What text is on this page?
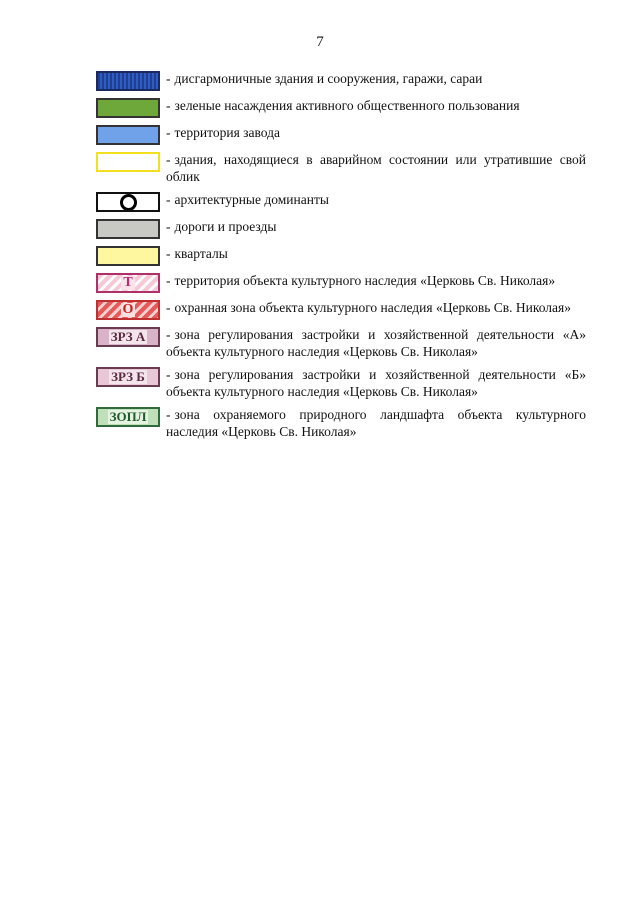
7
- дисгармоничные здания и сооружения, гаражи, сараи
- зеленые насаждения активного общественного пользования
- территория завода
- здания, находящиеся в аварийном состоянии или утратившие свой облик
- архитектурные доминанты
- дороги и проезды
- кварталы
Т - территория объекта культурного наследия «Церковь Св. Николая»
О - охранная зона объекта культурного наследия «Церковь Св. Николая»
ЗРЗ А - зона регулирования застройки и хозяйственной деятельности «А» объекта культурного наследия «Церковь Св. Николая»
ЗРЗ Б - зона регулирования застройки и хозяйственной деятельности «Б» объекта культурного наследия «Церковь Св. Николая»
ЗОПЛ - зона охраняемого природного ландшафта объекта культурного наследия «Церковь Св. Николая»
